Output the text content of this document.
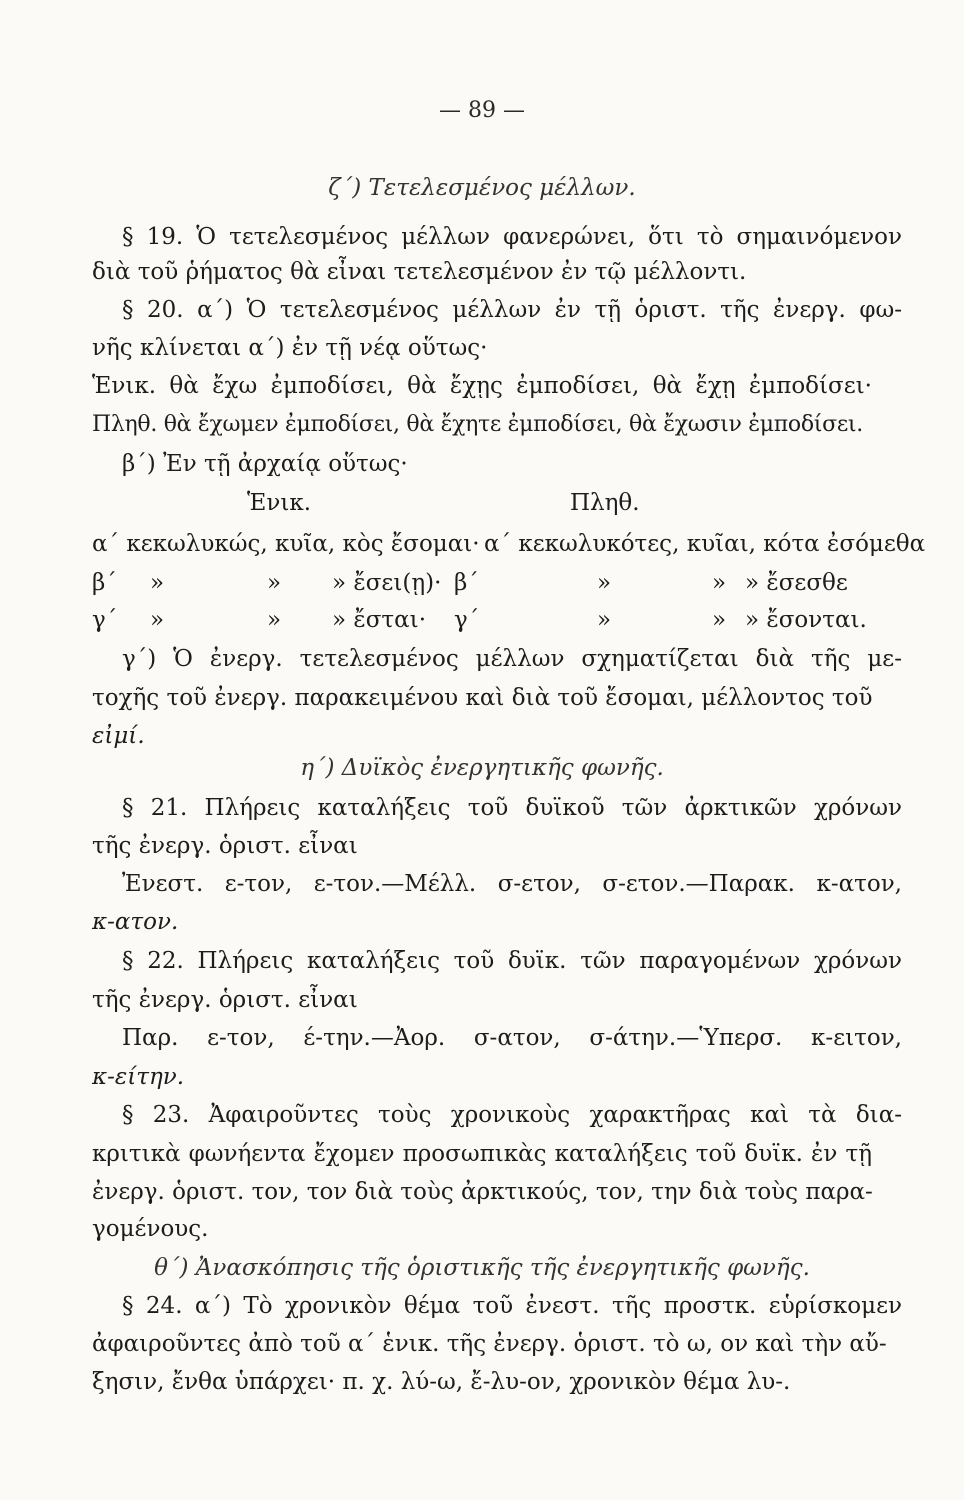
— 89 —
ζ΄) Τετελεσμένος μέλλων.
§ 19. Ὁ τετελεσμένος μέλλων φανερώνει, ὅτι τὸ σημαινόμενον
διὰ τοῦ ῥήματος θὰ εἶναι τετελεσμένον ἐν τῷ μέλλοντι.
§ 20. α΄) Ὁ τετελεσμένος μέλλων ἐν τῇ ὁριστ. τῆς ἐνεργ. φω-
νῆς κλίνεται α΄) ἐν τῇ νέᾳ οὕτως·
Ἑνικ. θὰ ἔχω ἐμποδίσει, θὰ ἔχῃς ἐμποδίσει, θὰ ἔχῃ ἐμποδίσει·
Πληθ. θὰ ἔχωμεν ἐμποδίσει, θὰ ἔχητε ἐμποδίσει, θὰ ἔχωσιν ἐμποδίσει.
β΄) Ἐν τῇ ἀρχαίᾳ οὕτως·
Ἑνικ.	Πληθ.
α΄ κεκωλυκώς, κυῖα, κὸς ἔσομαι· α΄ κεκωλυκότες, κυῖαι, κότα ἐσόμεθα
β΄ »	» » ἔσει(ῃ)· β΄	»	» » ἔσεσθε
γ΄ »	» » ἔσται· γ΄	»	» » ἔσονται.
γ΄) Ὁ ἐνεργ. τετελεσμένος μέλλων σχηματίζεται διὰ τῆς με-
τοχῆς τοῦ ἐνεργ. παρακειμένου καὶ διὰ τοῦ ἔσομαι, μέλλοντος τοῦ
εἰμί.
η΄) Δυϊκὸς ἐνεργητικῆς φωνῆς.
§ 21. Πλήρεις καταλήξεις τοῦ δυϊκοῦ τῶν ἀρκτικῶν χρόνων
τῆς ἐνεργ. ὁριστ. εἶναι
Ἐνεστ. ε-τον, ε-τον.—Μέλλ. σ-ετον, σ-ετον.—Παρακ. κ-ατον,
κ-ατον.
§ 22. Πλήρεις καταλήξεις τοῦ δυϊκ. τῶν παραγομένων χρόνων
τῆς ἐνεργ. ὁριστ. εἶναι
Παρ. ε-τον, έ-την.—Ἀορ. σ-ατον, σ-άτην.—Ὑπερσ. κ-ειτον,
κ-είτην.
§ 23. Ἀφαιροῦντες τοὺς χρονικοὺς χαρακτῆρας καὶ τὰ δια-
κριτικὰ φωνήεντα ἔχομεν προσωπικὰς καταλήξεις τοῦ δυϊκ. ἐν τῇ
ἐνεργ. ὁριστ. τον, τον διὰ τοὺς ἀρκτικούς, τον, την διὰ τοὺς παρα-
γομένους.
θ΄) Ἀνασκόπησις τῆς ὁριστικῆς τῆς ἐνεργητικῆς φωνῆς.
§ 24. α΄) Τὸ χρονικὸν θέμα τοῦ ἐνεστ. τῆς προστκ. εὑρίσκομεν
ἀφαιροῦντες ἀπὸ τοῦ α΄ ἑνικ. τῆς ἐνεργ. ὁριστ. τὸ ω, ον καὶ τὴν αὔ-
ξησιν, ἔνθα ὑπάρχει· π. χ. λύ-ω, ἔ-λυ-ον, χρονικὸν θέμα λυ-.
